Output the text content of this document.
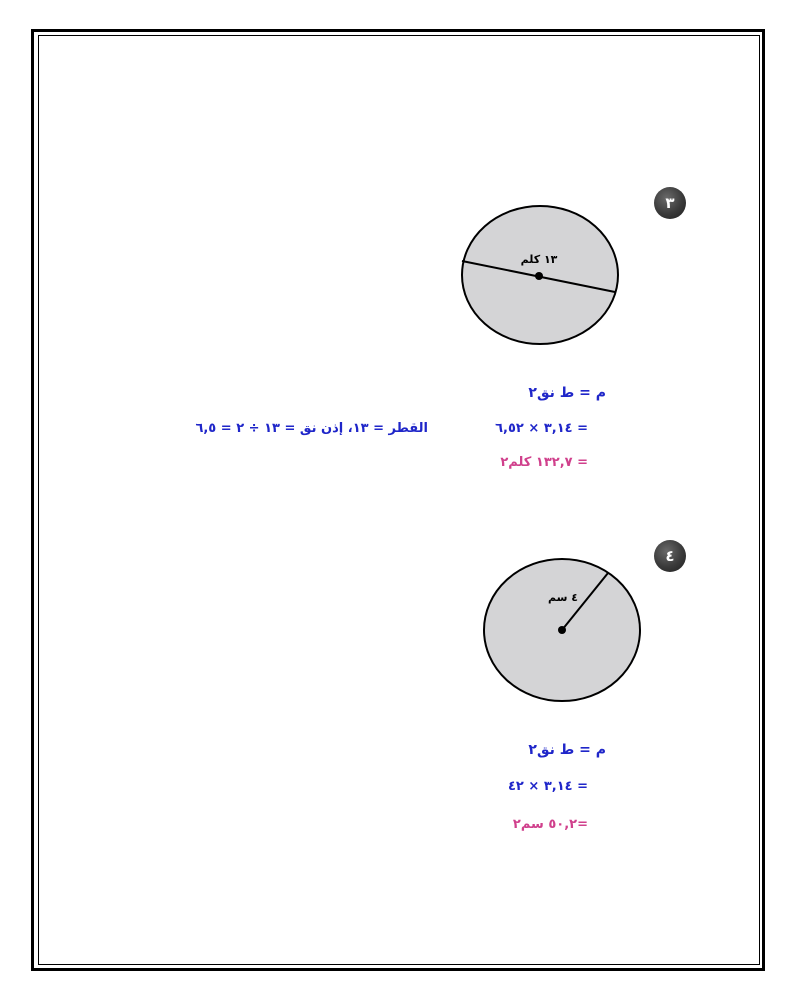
٣
١٣ كلم
م = ط نق٢
= ٣,١٤ × ٦,٥٢
القطر = ١٣، إذن نق = ١٣ ÷ ٢ = ٦,٥
= ١٣٢,٧ كلم٢
٤
٤ سم
م = ط نق٢
= ٣,١٤ × ٤٢
=٥٠,٢ سم٢
